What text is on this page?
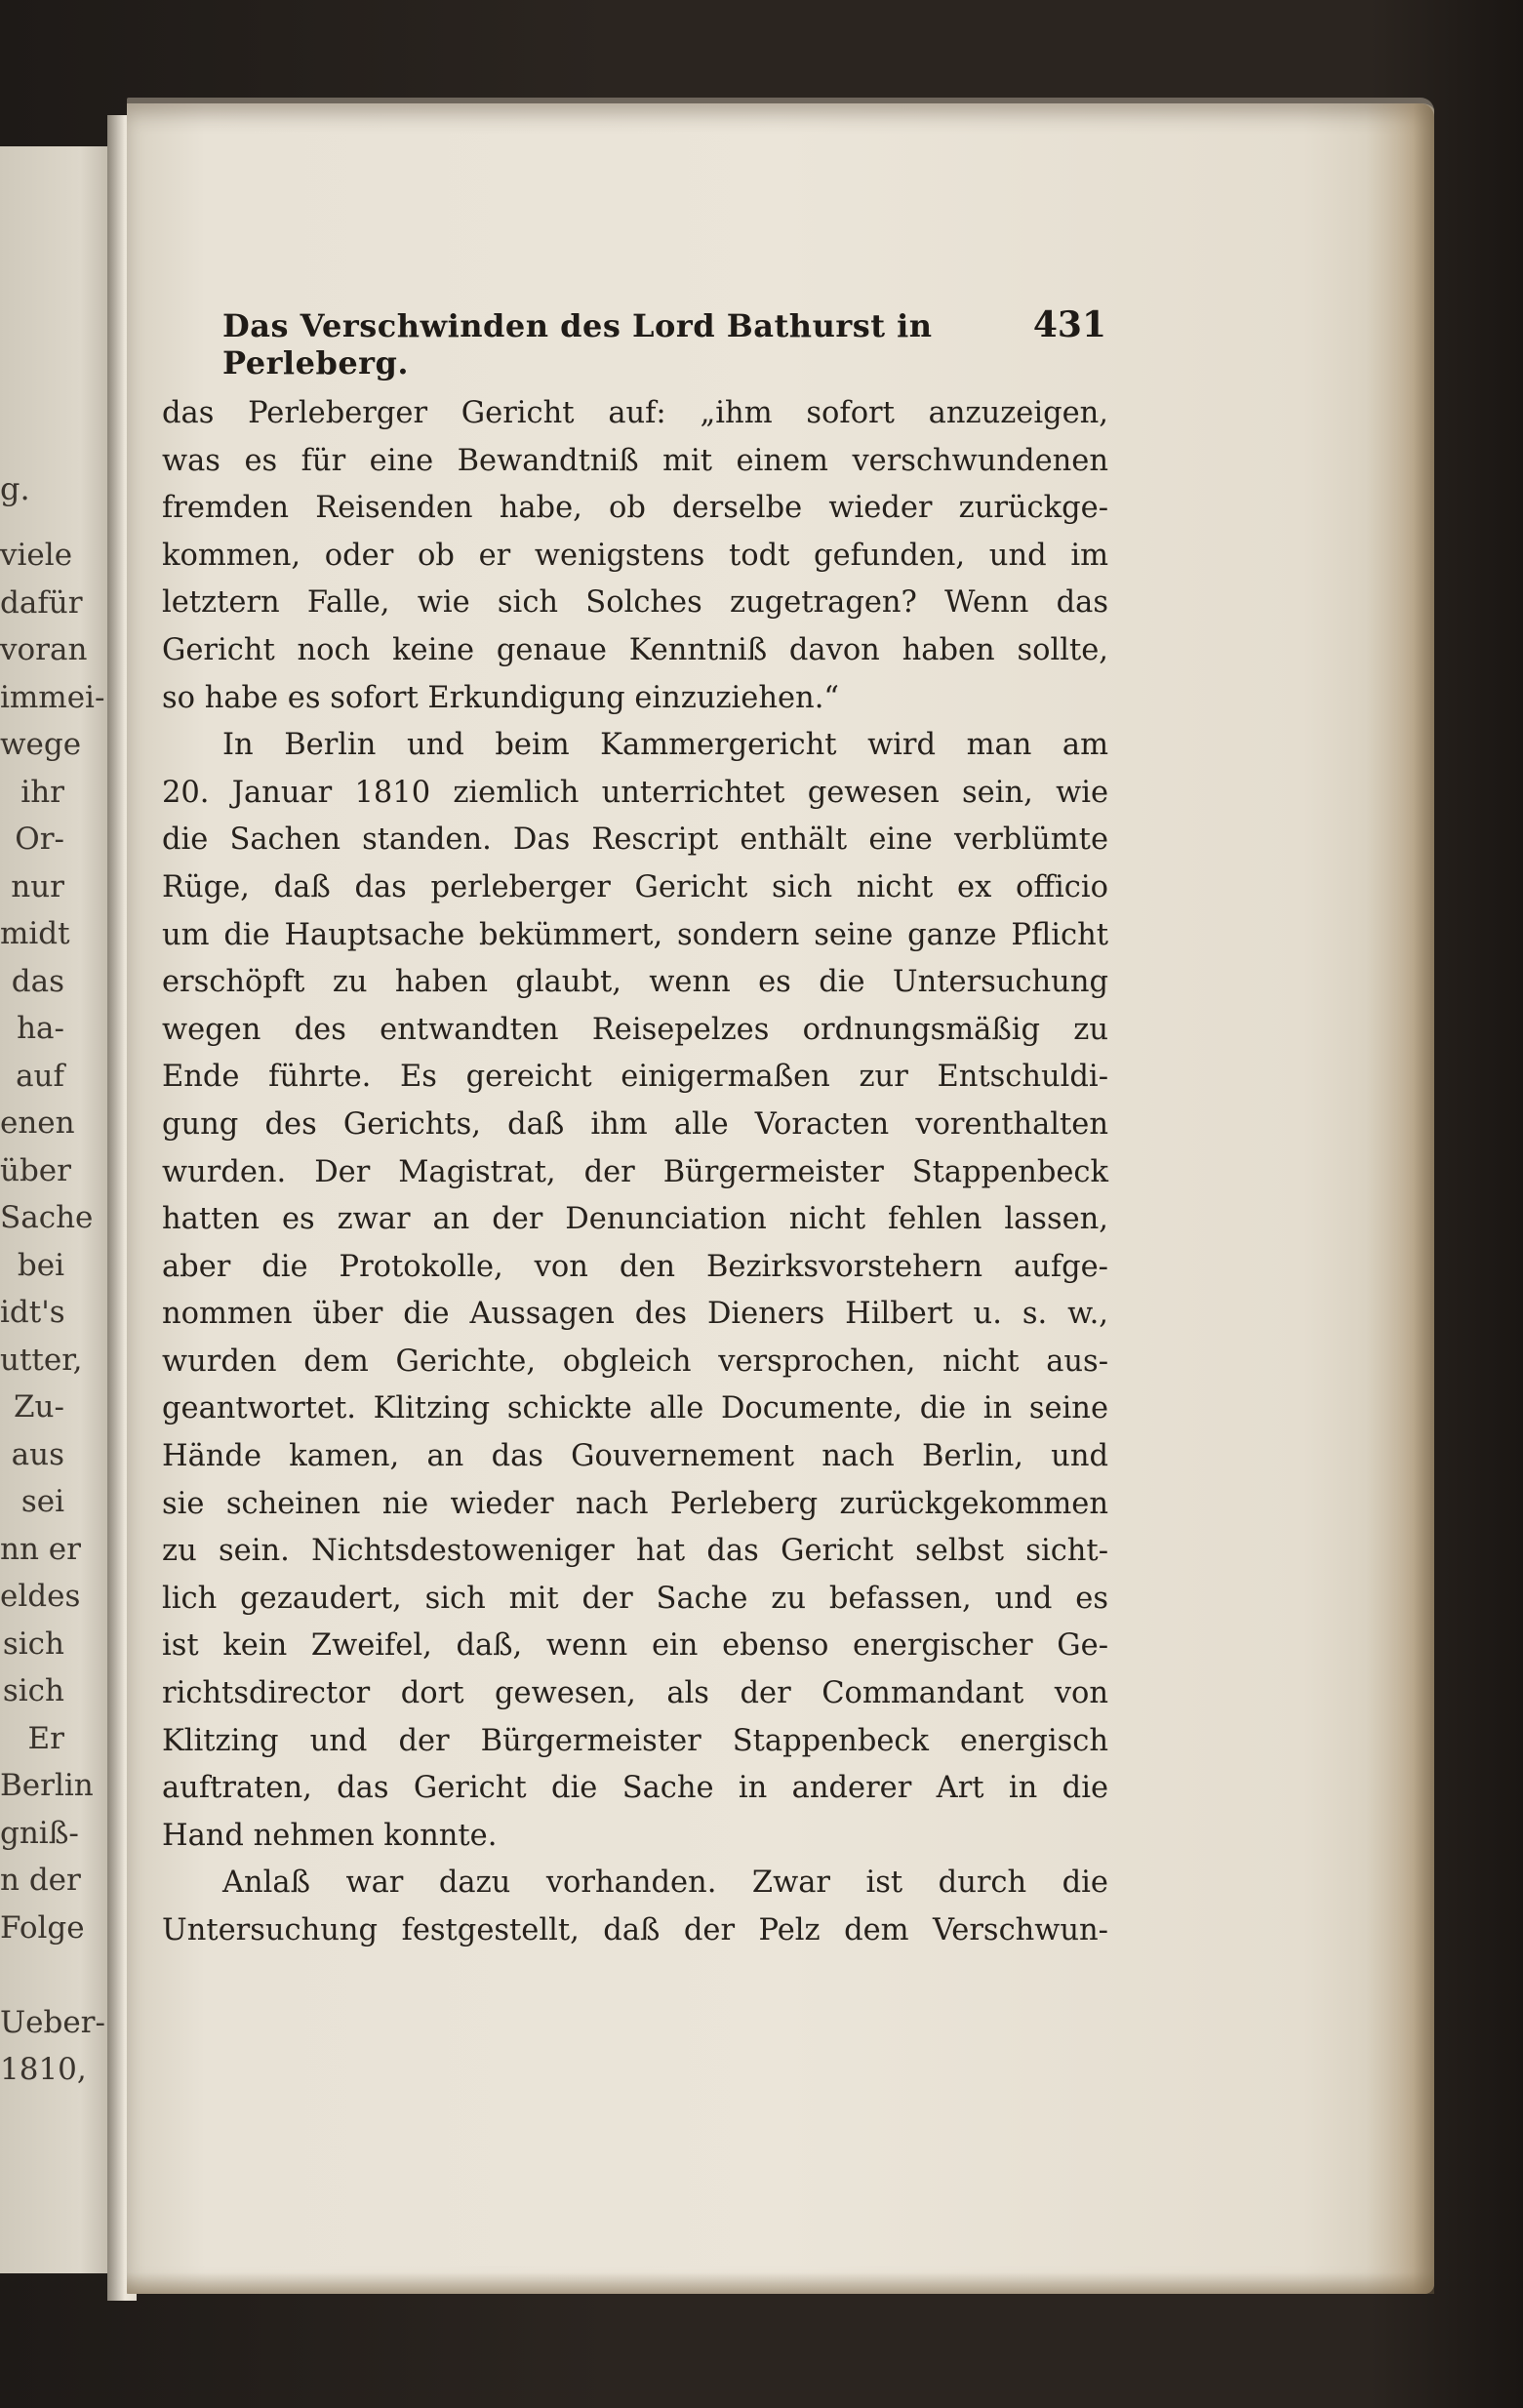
g.
viele
dafür
voran
immei-
wege
ihr
Or-
nur
midt
das
ha-
auf
enen
über
Sache
bei
idt's
utter,
Zu-
aus
sei
nn er
eldes
sich
sich
Er
Berlin
gniß-
n der
Folge
Ueber-
1810,
Das Verschwinden des Lord Bathurst in Perleberg.
431
das Perleberger Gericht auf: „ihm sofort anzuzeigen,
was es für eine Bewandtniß mit einem verschwundenen
fremden Reisenden habe, ob derselbe wieder zurückge-
kommen, oder ob er wenigstens todt gefunden, und im
letztern Falle, wie sich Solches zugetragen? Wenn das
Gericht noch keine genaue Kenntniß davon haben sollte,
so habe es sofort Erkundigung einzuziehen.“
In Berlin und beim Kammergericht wird man am
20. Januar 1810 ziemlich unterrichtet gewesen sein, wie
die Sachen standen. Das Rescript enthält eine verblümte
Rüge, daß das perleberger Gericht sich nicht ex officio
um die Hauptsache bekümmert, sondern seine ganze Pflicht
erschöpft zu haben glaubt, wenn es die Untersuchung
wegen des entwandten Reisepelzes ordnungsmäßig zu
Ende führte. Es gereicht einigermaßen zur Entschuldi-
gung des Gerichts, daß ihm alle Voracten vorenthalten
wurden. Der Magistrat, der Bürgermeister Stappenbeck
hatten es zwar an der Denunciation nicht fehlen lassen,
aber die Protokolle, von den Bezirksvorstehern aufge-
nommen über die Aussagen des Dieners Hilbert u. s. w.,
wurden dem Gerichte, obgleich versprochen, nicht aus-
geantwortet. Klitzing schickte alle Documente, die in seine
Hände kamen, an das Gouvernement nach Berlin, und
sie scheinen nie wieder nach Perleberg zurückgekommen
zu sein. Nichtsdestoweniger hat das Gericht selbst sicht-
lich gezaudert, sich mit der Sache zu befassen, und es
ist kein Zweifel, daß, wenn ein ebenso energischer Ge-
richtsdirector dort gewesen, als der Commandant von
Klitzing und der Bürgermeister Stappenbeck energisch
auftraten, das Gericht die Sache in anderer Art in die
Hand nehmen konnte.
Anlaß war dazu vorhanden. Zwar ist durch die
Untersuchung festgestellt, daß der Pelz dem Verschwun-
